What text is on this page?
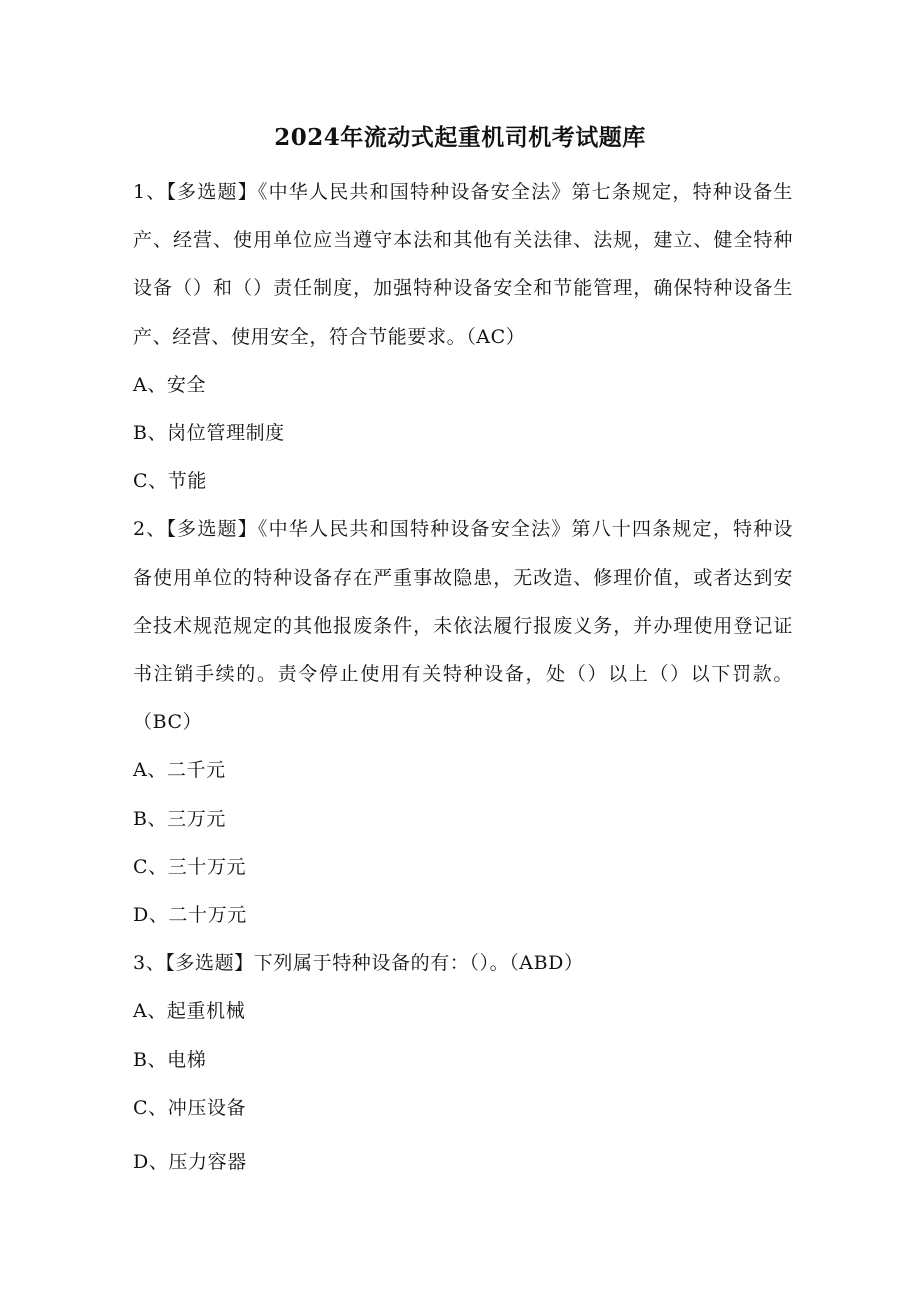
2024年流动式起重机司机考试题库

1、【多选题】《中华人民共和国特种设备安全法》第七条规定，特种设备生产、经营、使用单位应当遵守本法和其他有关法律、法规，建立、健全特种设备（）和（）责任制度，加强特种设备安全和节能管理，确保特种设备生产、经营、使用安全，符合节能要求。（AC）

A、安全

B、岗位管理制度

C、节能

2、【多选题】《中华人民共和国特种设备安全法》第八十四条规定，特种设备使用单位的特种设备存在严重事故隐患，无改造、修理价值，或者达到安全技术规范规定的其他报废条件，未依法履行报废义务，并办理使用登记证书注销手续的。责令停止使用有关特种设备，处（）以上（）以下罚款。（BC）

A、二千元

B、三万元

C、三十万元

D、二十万元

3、【多选题】下列属于特种设备的有：（）。（ABD）

A、起重机械

B、电梯

C、冲压设备

D、压力容器
